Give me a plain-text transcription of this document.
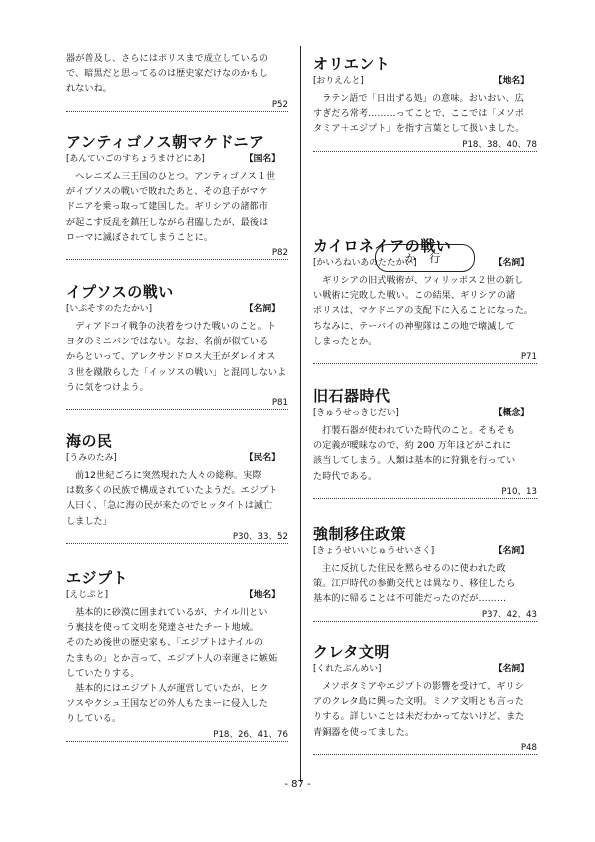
器が普及し、さらにはポリスまで成立しているの

で、暗黒だと思ってるのは歴史家だけなのかもし

れないね。

P52
アンティゴノス朝マケドニア
[あんていごのすちょうまけどにあ]	【国名】

ヘレニズム三王国のひとつ。アンティゴノス１世

がイプソスの戦いで敗れたあと、その息子がマケ

ドニアを乗っ取って建国した。ギリシアの諸都市

が起こす反乱を鎮圧しながら君臨したが、最後は

ローマに滅ぼされてしまうことに。

P82
イプソスの戦い
[いぷそすのたたかい]	【名詞】

ディアドコイ戦争の決着をつけた戦いのこと。ト

ヨタのミニバンではない。なお、名前が似ている

からといって、アレクサンドロス大王がダレイオス

３世を蹴散らした「イッソスの戦い」と混同しないよ

うに気をつけよう。

P81
海の民
[うみのたみ]	【民名】

前12世紀ごろに突然現れた人々の総称。実際

は数多くの民族で構成されていたようだ。エジプト

人曰く、「急に海の民が来たのでヒッタイトは滅亡

しました」

P30、33、52
エジプト
[えじぷと]	【地名】

基本的に砂漠に囲まれているが、ナイル川とい

う裏技を使って文明を発達させたチート地域。

そのため後世の歴史家も、「エジプトはナイルの

たまもの」とか言って、エジプト人の幸運さに嫉妬

していたりする。

基本的にはエジプト人が運営していたが、ヒク

ソスやクシュ王国などの外人もたまーに侵入した

りしている。

P18、26、41、76
オリエント
[おりえんと]	【地名】

ラテン語で「日出ずる処」の意味。おいおい、広

すぎだろ常考………ってことで、ここでは「メソポ

タミア＋エジプト」を指す言葉として扱いました。

P18、38、40、78
か 行
カイロネイアの戦い
[かいろねいあのたたかい]	【名詞】

ギリシアの旧式戦術が、フィリッポス２世の新し

い戦術に完敗した戦い。この結果、ギリシアの諸

ポリスは、マケドニアの支配下に入ることになった。

ちなみに、テーバイの神聖隊はこの地で壊滅して

しまったとか。

P71
旧石器時代
[きゅうせっきじだい]	【概念】

打製石器が使われていた時代のこと。そもそも

の定義が曖昧なので、約 200 万年ほどがこれに

該当してしまう。人類は基本的に狩猟を行ってい

た時代である。

P10、13
強制移住政策
[きょうせいいじゅうせいさく]	【名詞】

主に反抗した住民を黙らせるのに使われた政

策。江戸時代の参勤交代とは異なり、移住したら

基本的に帰ることは不可能だったのだが………

P37、42、43
クレタ文明
[くれたぶんめい]	【名詞】

メソポタミアやエジプトの影響を受けて、ギリシ

アのクレタ島に興った文明。ミノア文明とも言った

りする。詳しいことは未だわかってないけど、また

青銅器を使ってました。

P48
- 87 -
